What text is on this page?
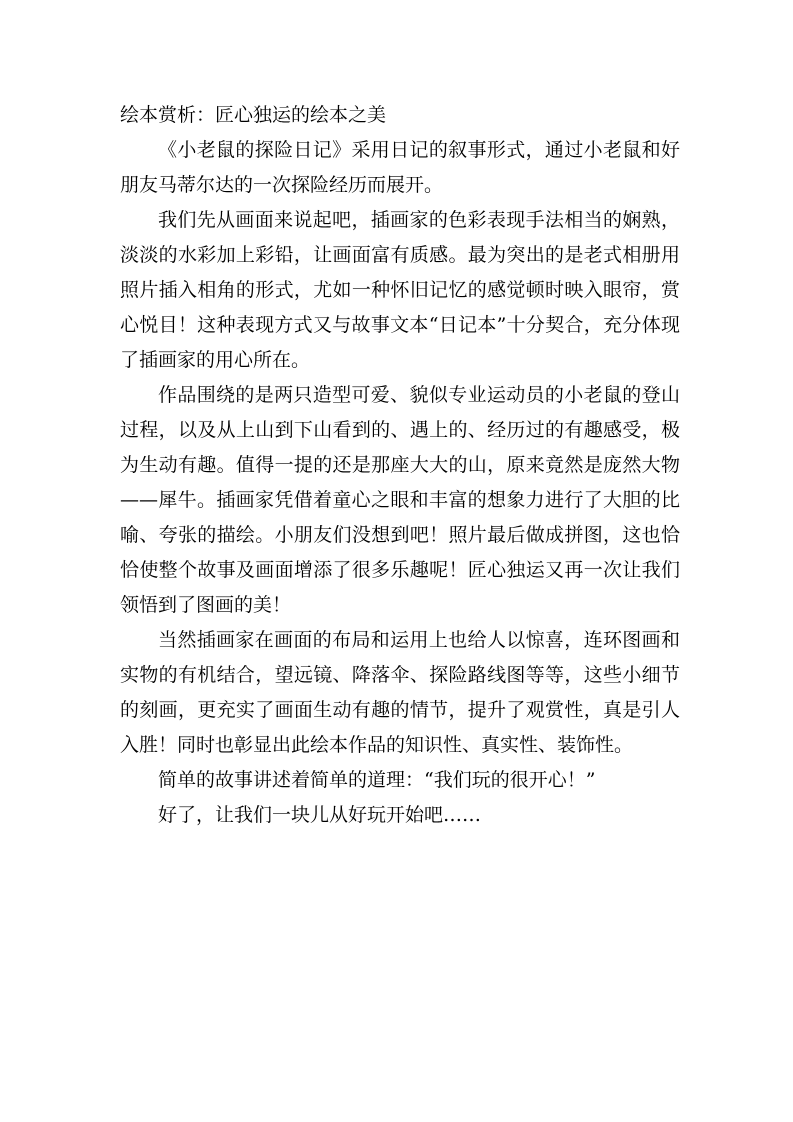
绘本赏析：匠心独运的绘本之美

《小老鼠的探险日记》采用日记的叙事形式，通过小老鼠和好朋友马蒂尔达的一次探险经历而展开。

我们先从画面来说起吧，插画家的色彩表现手法相当的娴熟，淡淡的水彩加上彩铅，让画面富有质感。最为突出的是老式相册用照片插入相角的形式，尤如一种怀旧记忆的感觉顿时映入眼帘，赏心悦目！这种表现方式又与故事文本“日记本”十分契合，充分体现了插画家的用心所在。

作品围绕的是两只造型可爱、貌似专业运动员的小老鼠的登山过程，以及从上山到下山看到的、遇上的、经历过的有趣感受，极为生动有趣。值得一提的还是那座大大的山，原来竟然是庞然大物——犀牛。插画家凭借着童心之眼和丰富的想象力进行了大胆的比喻、夸张的描绘。小朋友们没想到吧！照片最后做成拼图，这也恰恰使整个故事及画面增添了很多乐趣呢！匠心独运又再一次让我们领悟到了图画的美！

当然插画家在画面的布局和运用上也给人以惊喜，连环图画和实物的有机结合，望远镜、降落伞、探险路线图等等，这些小细节的刻画，更充实了画面生动有趣的情节，提升了观赏性，真是引人入胜！同时也彰显出此绘本作品的知识性、真实性、装饰性。

简单的故事讲述着简单的道理：“我们玩的很开心！”

好了，让我们一块儿从好玩开始吧……
